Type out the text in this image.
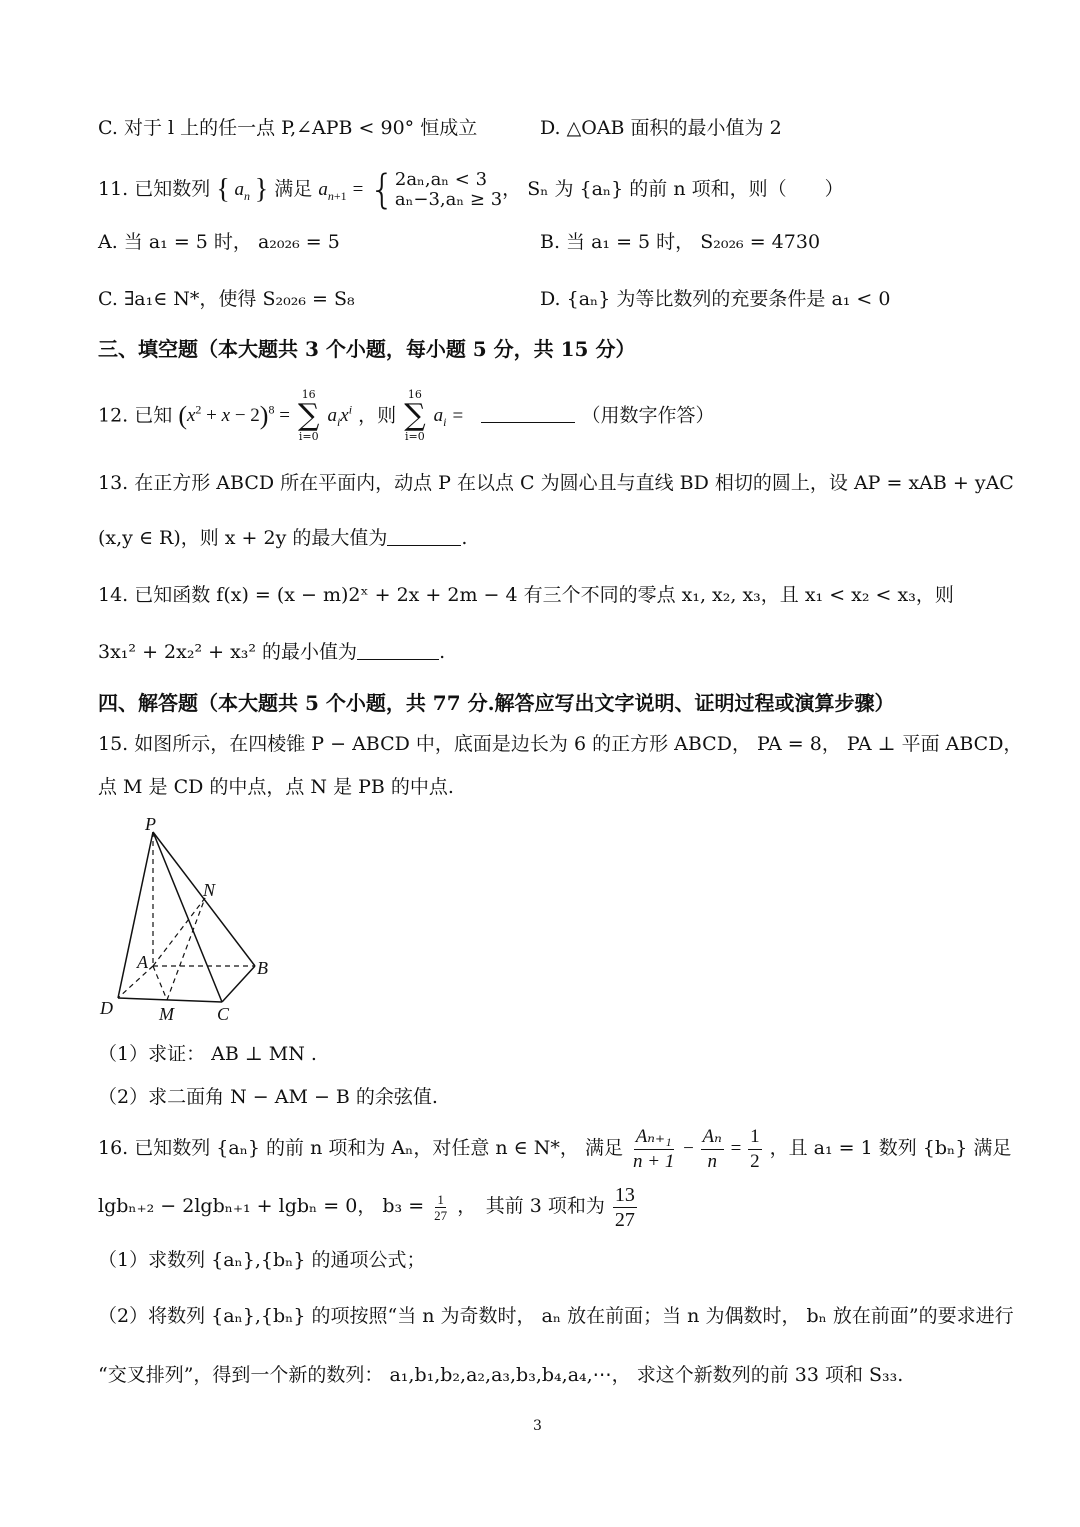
C. 对于 l 上的任一点 P,∠APB < 90° 恒成立	D. △OAB 面积的最小值为 2
11. 已知数列 { $a_n$ } 满足 $a_{n+1}$ = { 2aₙ,aₙ < 3
aₙ−3,aₙ ≥ 3 ， Sₙ 为 {aₙ} 的前 n 项和，则（　　）
A. 当 a₁ = 5 时， a₂₀₂₆ = 5	B. 当 a₁ = 5 时， S₂₀₂₆ = 4730
C. ∃a₁∈ N*，使得 S₂₀₂₆ = S₈	D. {aₙ} 为等比数列的充要条件是 a₁ < 0
三、填空题（本大题共 3 个小题，每小题 5 分，共 15 分）
12. 已知 $(x^2 + x - 2)^8$ =
16
∑
i=0
$a_ix^i$ ，则
16
∑
i=0
$a_i$ =	（用数字作答）
13. 在正方形 ABCD 所在平面内，动点 P 在以点 C 为圆心且与直线 BD 相切的圆上，设 AP = xAB + yAC
(x,y ∈ R)，则 x + 2y 的最大值为	.
14. 已知函数 f(x) = (x − m)2ˣ + 2x + 2m − 4 有三个不同的零点 x₁, x₂, x₃，且 x₁ < x₂ < x₃，则
3x₁² + 2x₂² + x₃² 的最小值为	.
四、解答题（本大题共 5 个小题，共 77 分.解答应写出文字说明、证明过程或演算步骤）
15. 如图所示，在四棱锥 P − ABCD 中，底面是边长为 6 的正方形 ABCD， PA = 8， PA ⊥ 平面 ABCD，
点 M 是 CD 的中点，点 N 是 PB 的中点.
P
N
A	B
D	M C
（1）求证： AB ⊥ MN .
（2）求二面角 N − AM − B 的余弦值.
16. 已知数列 {aₙ} 的前 n 项和为 Aₙ，对任意 n ∈ N*， 满足 $\frac{\text{Aₙ₊₁}}{n + 1} - \frac{\text{Aₙ}}{n} = \frac{1}{2}$ ，且 a₁ = 1 数列 {bₙ} 满足
lgbₙ₊₂ − 2lgbₙ₊₁ + lgbₙ = 0， $b_3 = \frac{1}{27}$ ，　其前 3 项和为 $\frac{13}{27}$
（1）求数列 {aₙ},{bₙ} 的通项公式；
（2）将数列 {aₙ},{bₙ} 的项按照“当 n 为奇数时， aₙ 放在前面；当 n 为偶数时， bₙ 放在前面”的要求进行
“交叉排列”，得到一个新的数列： a₁,b₁,b₂,a₂,a₃,b₃,b₄,a₄,⋯， 求这个新数列的前 33 项和 S₃₃.
3
